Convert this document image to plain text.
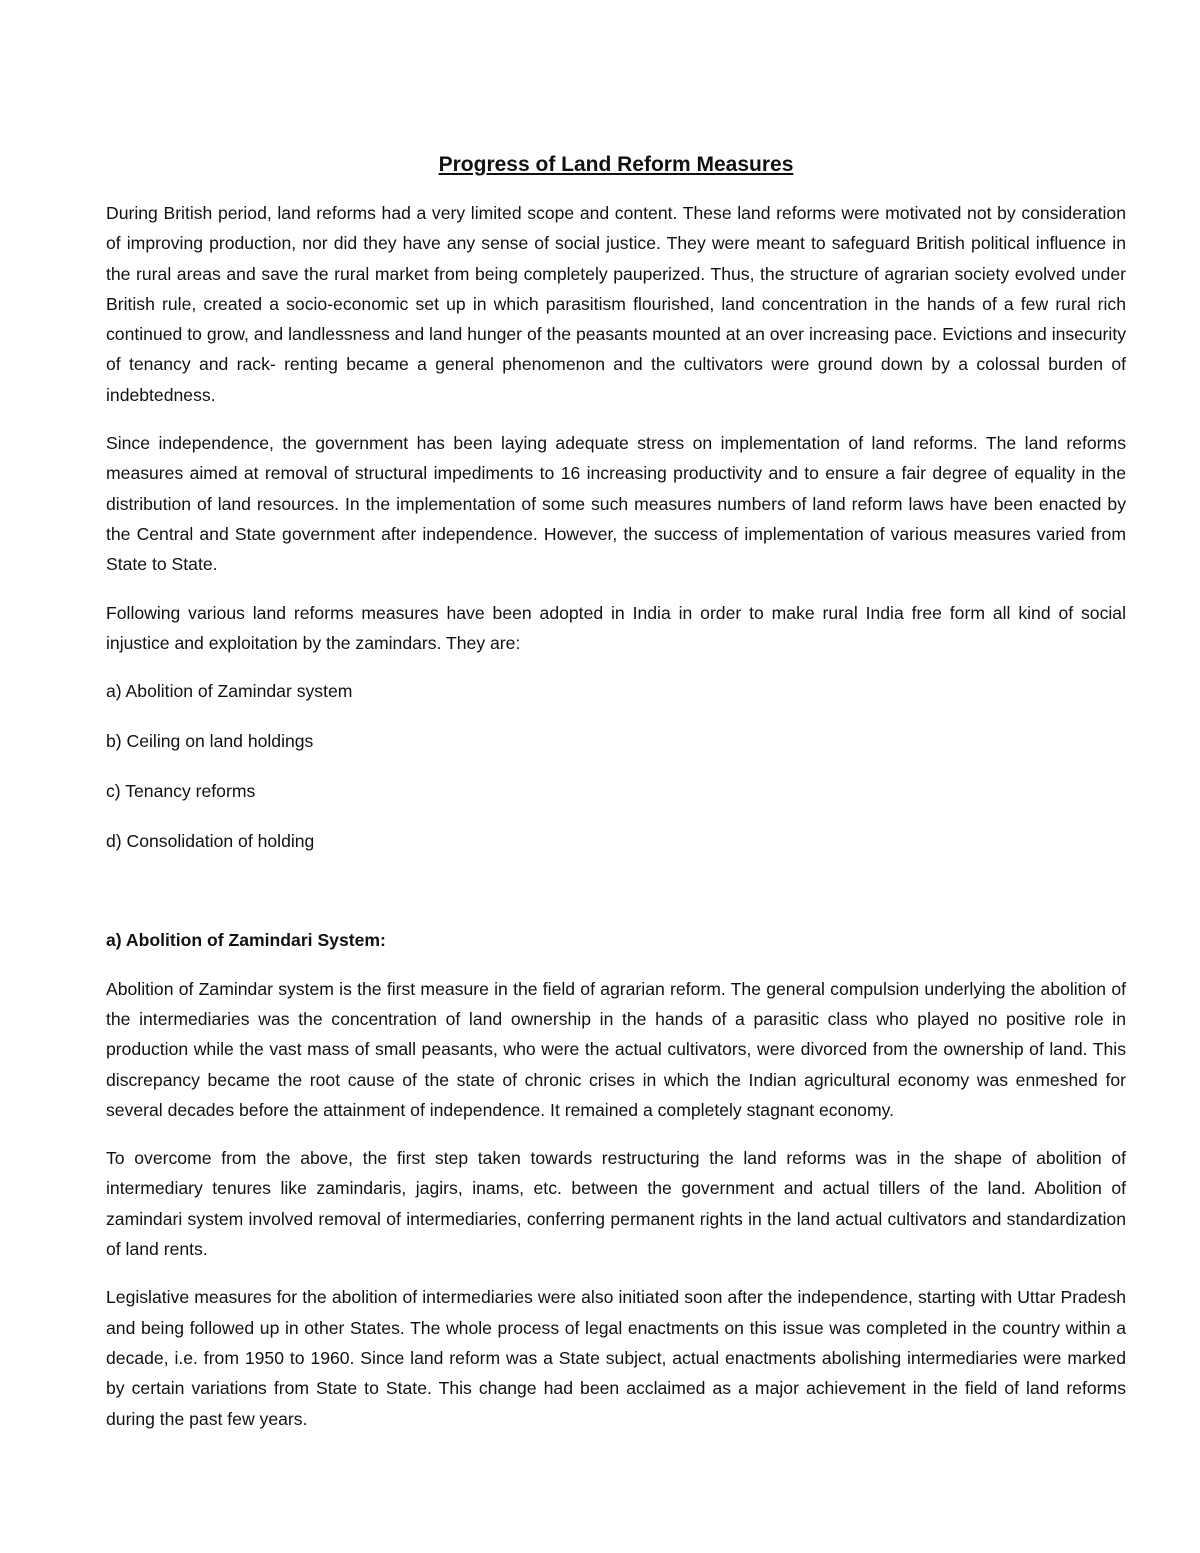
Progress of Land Reform Measures

During British period, land reforms had a very limited scope and content. These land reforms were motivated not by consideration of improving production, nor did they have any sense of social justice. They were meant to safeguard British political influence in the rural areas and save the rural market from being completely pauperized. Thus, the structure of agrarian society evolved under British rule, created a socio-economic set up in which parasitism flourished, land concentration in the hands of a few rural rich continued to grow, and landlessness and land hunger of the peasants mounted at an over increasing pace. Evictions and insecurity of tenancy and rack- renting became a general phenomenon and the cultivators were ground down by a colossal burden of indebtedness.

Since independence, the government has been laying adequate stress on implementation of land reforms. The land reforms measures aimed at removal of structural impediments to 16 increasing productivity and to ensure a fair degree of equality in the distribution of land resources. In the implementation of some such measures numbers of land reform laws have been enacted by the Central and State government after independence. However, the success of implementation of various measures varied from State to State.

Following various land reforms measures have been adopted in India in order to make rural India free form all kind of social injustice and exploitation by the zamindars. They are:

a) Abolition of Zamindar system
b) Ceiling on land holdings
c) Tenancy reforms
d) Consolidation of holding
a) Abolition of Zamindari System:

Abolition of Zamindar system is the first measure in the field of agrarian reform. The general compulsion underlying the abolition of the intermediaries was the concentration of land ownership in the hands of a parasitic class who played no positive role in production while the vast mass of small peasants, who were the actual cultivators, were divorced from the ownership of land. This discrepancy became the root cause of the state of chronic crises in which the Indian agricultural economy was enmeshed for several decades before the attainment of independence. It remained a completely stagnant economy.

To overcome from the above, the first step taken towards restructuring the land reforms was in the shape of abolition of intermediary tenures like zamindaris, jagirs, inams, etc. between the government and actual tillers of the land. Abolition of zamindari system involved removal of intermediaries, conferring permanent rights in the land actual cultivators and standardization of land rents.

Legislative measures for the abolition of intermediaries were also initiated soon after the independence, starting with Uttar Pradesh and being followed up in other States. The whole process of legal enactments on this issue was completed in the country within a decade, i.e. from 1950 to 1960. Since land reform was a State subject, actual enactments abolishing intermediaries were marked by certain variations from State to State. This change had been acclaimed as a major achievement in the field of land reforms during the past few years.
